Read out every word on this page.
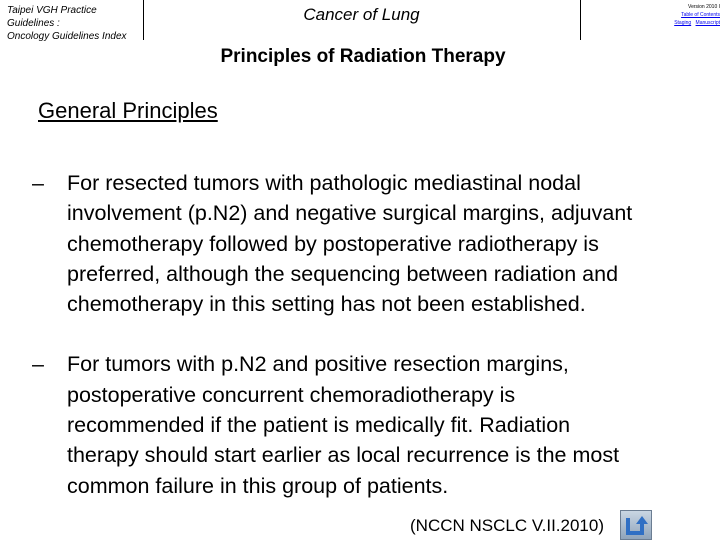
Taipei VGH Practice
Guidelines :
Oncology Guidelines Index
Cancer of Lung	Version 2010 I
Table of Contents
Staging Manuscript
Principles of Radiation Therapy
General Principles
–	For resected tumors with pathologic mediastinal nodal
involvement (p.N2) and negative surgical margins, adjuvant
chemotherapy followed by postoperative radiotherapy is
preferred, although the sequencing between radiation and
chemotherapy in this setting has not been established.
–	For tumors with p.N2 and positive resection margins,
postoperative concurrent chemoradiotherapy is
recommended if the patient is medically fit. Radiation
therapy should start earlier as local recurrence is the most
common failure in this group of patients.
(NCCN NSCLC V.II.2010)
